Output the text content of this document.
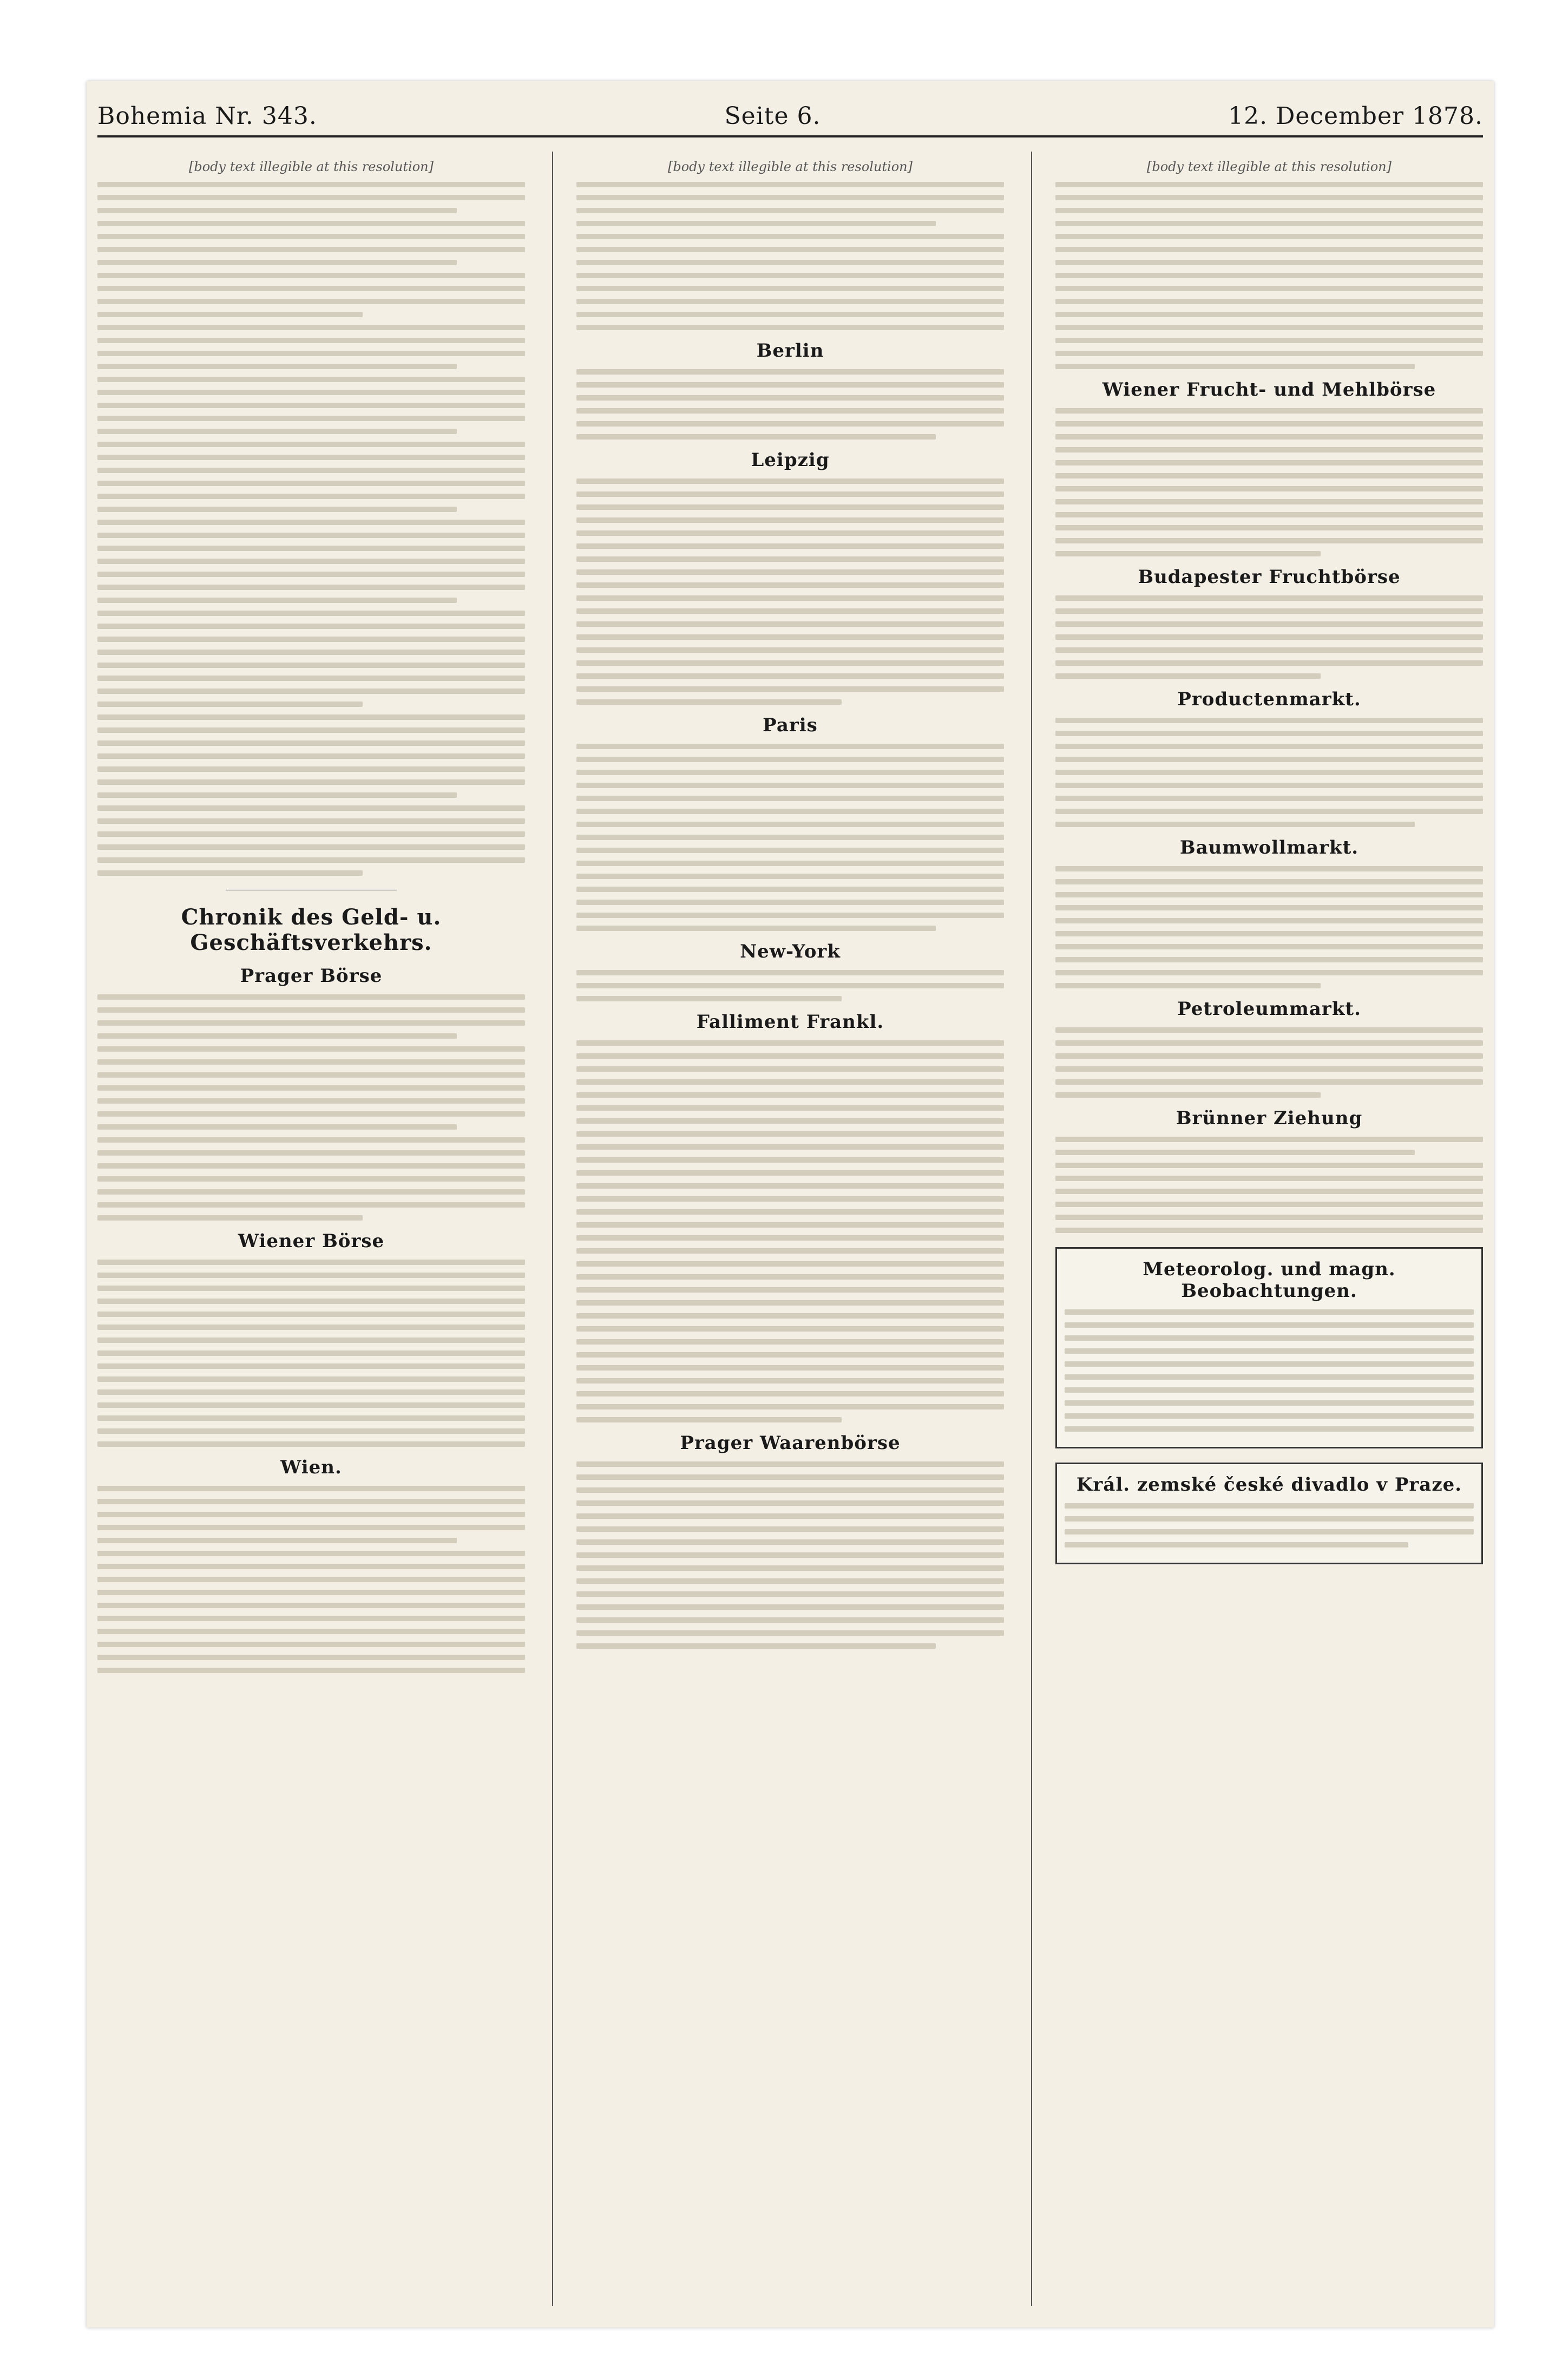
Bohemia Nr. 343.	Seite 6.	12. December 1878.
[body text illegible at this resolution]
Chronik des Geld- u. Geschäftsverkehrs.
Prager Börse
Wiener Börse
Wien.
[body text illegible at this resolution]
Berlin
Leipzig
Paris
New-York
Falliment Frankl.
Prager Waarenbörse
[body text illegible at this resolution]
Wiener Frucht- und Mehlbörse
Budapester Fruchtbörse
Productenmarkt.
Baumwollmarkt.
Petroleummarkt.
Brünner Ziehung
Meteorolog. und magn. Beobachtungen.
Král. zemské české divadlo v Praze.
